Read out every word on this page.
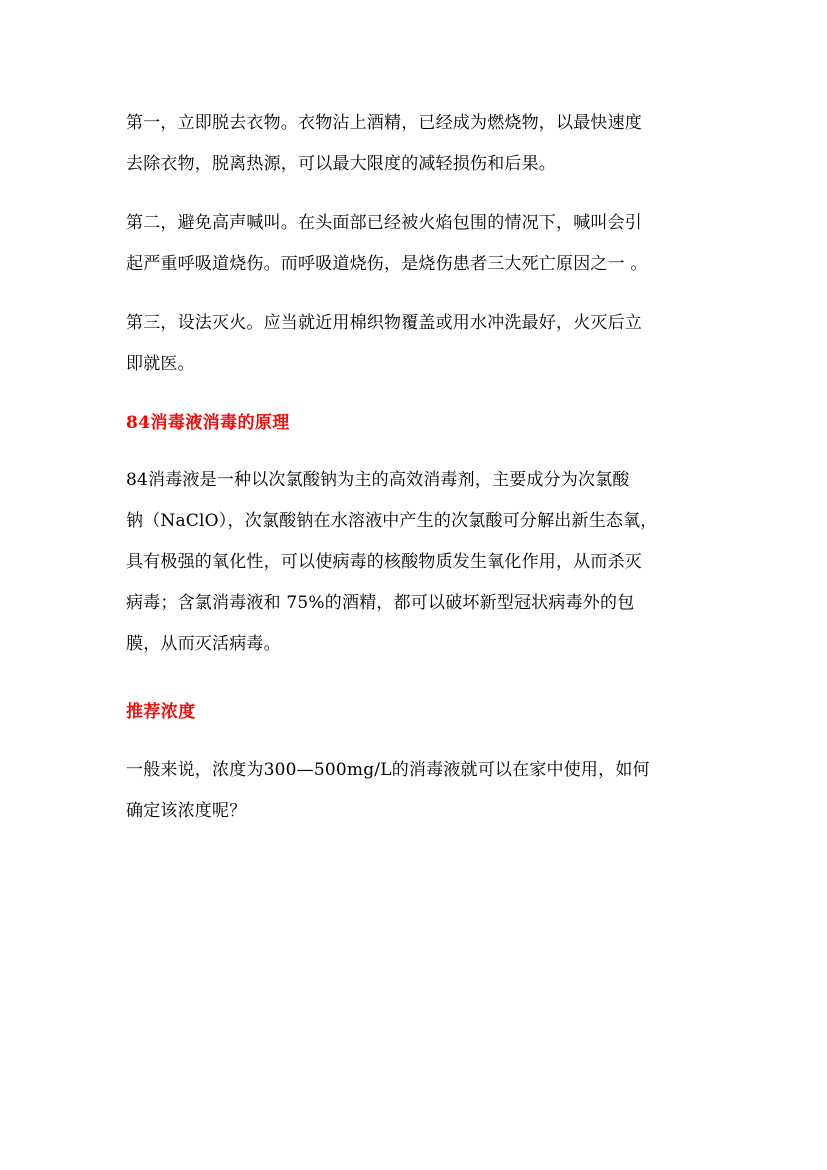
第一，立即脱去衣物。衣物沾上酒精，已经成为燃烧物，以最快速度
去除衣物，脱离热源，可以最大限度的减轻损伤和后果。
第二，避免高声喊叫。在头面部已经被火焰包围的情况下，喊叫会引
起严重呼吸道烧伤。而呼吸道烧伤，是烧伤患者三大死亡原因之一 。
第三，设法灭火。应当就近用棉织物覆盖或用水冲洗最好，火灭后立
即就医。
84消毒液消毒的原理
84消毒液是一种以次氯酸钠为主的高效消毒剂，主要成分为次氯酸
钠（NaClO），次氯酸钠在水溶液中产生的次氯酸可分解出新生态氧，
具有极强的氧化性，可以使病毒的核酸物质发生氧化作用，从而杀灭
病毒；含氯消毒液和 75%的酒精，都可以破坏新型冠状病毒外的包
膜，从而灭活病毒。
推荐浓度
一般来说，浓度为300—500mg/L的消毒液就可以在家中使用，如何
确定该浓度呢？
